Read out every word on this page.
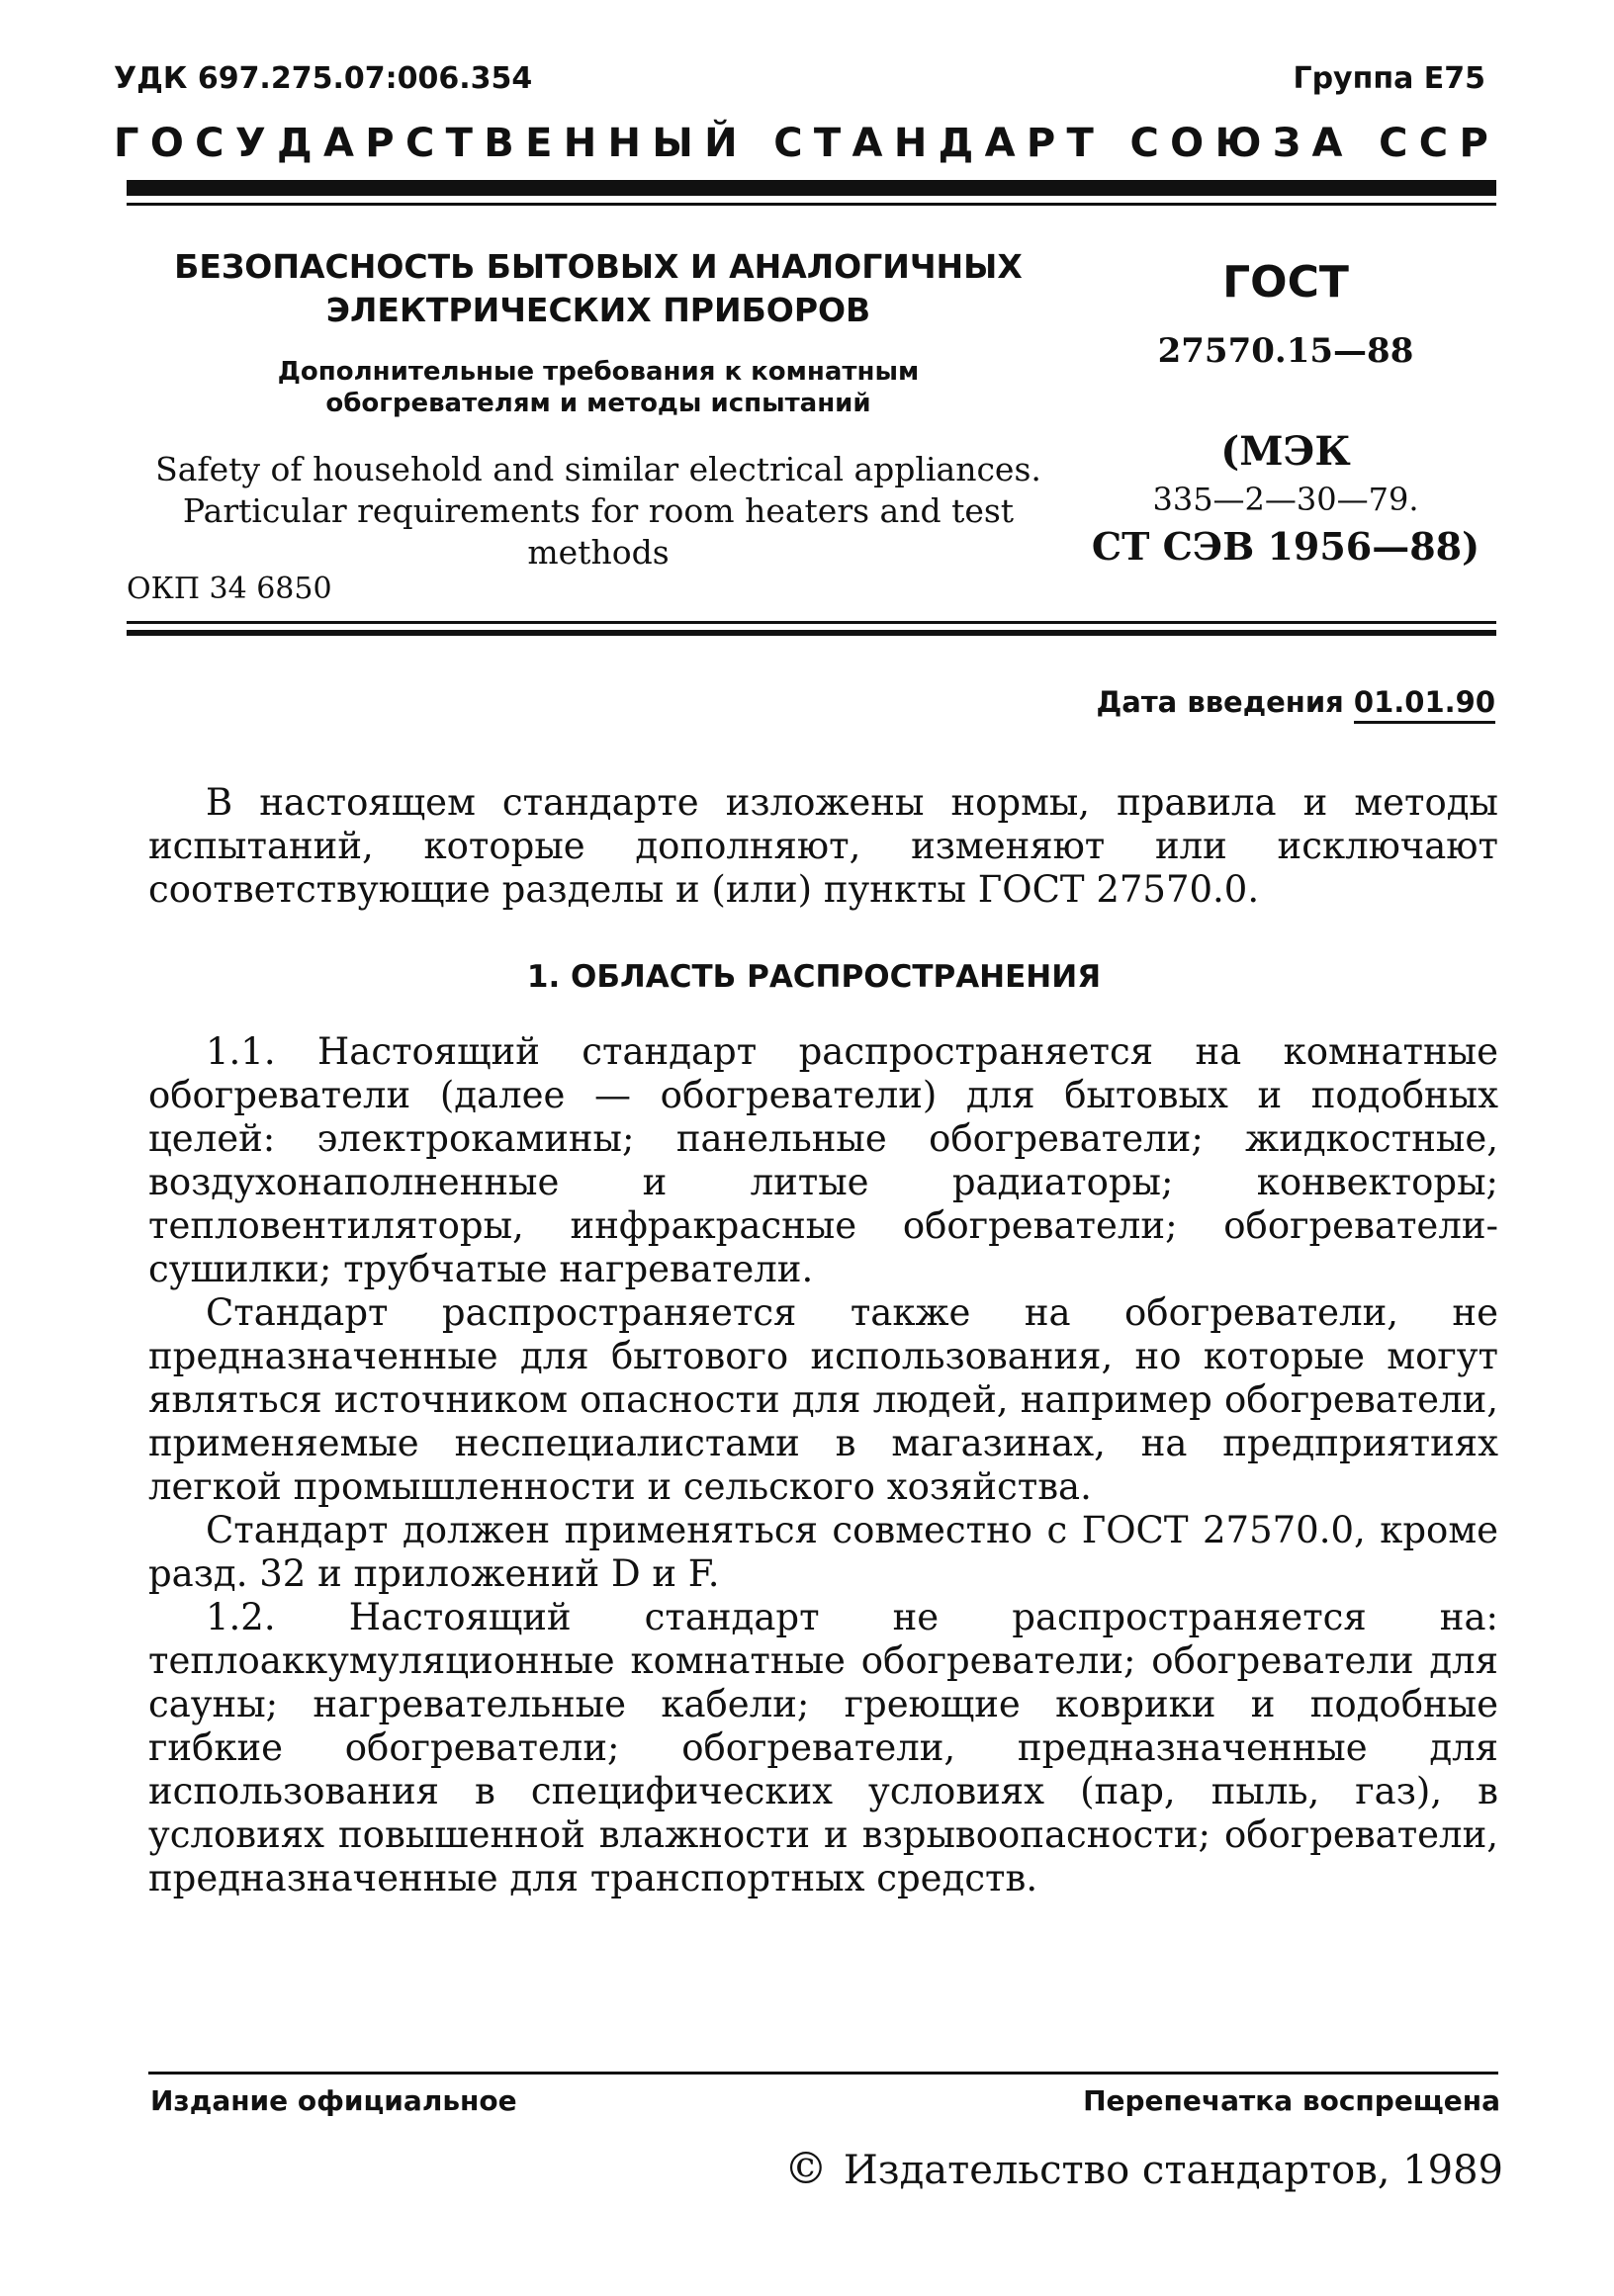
УДК 697.275.07:006.354	Группа Е75
Г О С У Д А Р С Т В Е Н Н Ы Й
С Т А Н Д А Р Т
С О Ю З А
С С Р
БЕЗОПАСНОСТЬ БЫТОВЫХ И АНАЛОГИЧНЫХ
ЭЛЕКТРИЧЕСКИХ ПРИБОРОВ
Дополнительные требования к комнатным
обогревателям и методы испытаний
Safety of household and similar electrical appliances.
Particular requirements for room heaters and test methods
ГОСТ
27570.15—88
(МЭК
335—2—30—79.
СТ СЭВ 1956—88)
ОКП 34 6850
Дата введения 01.01.90
В настоящем стандарте изложены нормы, правила и методы испытаний, которые дополняют, изменяют или исключают соответствующие разделы и (или) пункты ГОСТ 27570.0.
1. ОБЛАСТЬ РАСПРОСТРАНЕНИЯ
1.1. Настоящий стандарт распространяется на комнатные обогреватели (далее — обогреватели) для бытовых и подобных целей: электрокамины; панельные обогреватели; жидкостные, воздухонаполненные и литые радиаторы; конвекторы; тепловентиляторы, инфракрасные обогреватели; обогреватели-сушилки; трубчатые нагреватели.
Стандарт распространяется также на обогреватели, не предназначенные для бытового использования, но которые могут являться источником опасности для людей, например обогреватели, применяемые неспециалистами в магазинах, на предприятиях легкой промышленности и сельского хозяйства.
Стандарт должен применяться совместно с ГОСТ 27570.0, кроме разд. 32 и приложений D и F.
1.2. Настоящий стандарт не распространяется на: теплоаккумуляционные комнатные обогреватели; обогреватели для сауны; нагревательные кабели; греющие коврики и подобные гибкие обогреватели; обогреватели, предназначенные для использования в специфических условиях (пар, пыль, газ), в условиях повышенной влажности и взрывоопасности; обогреватели, предназначенные для транспортных средств.
Издание официальное	Перепечатка воспрещена
© Издательство стандартов, 1989
